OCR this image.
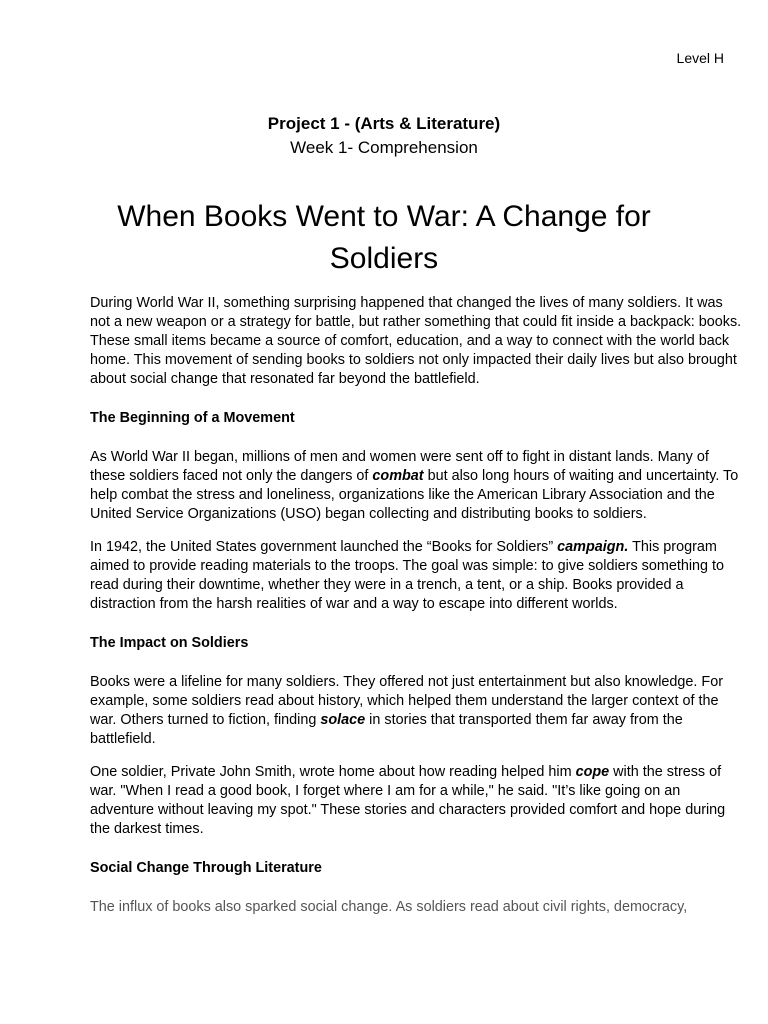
Level H
Project 1 - (Arts & Literature)
Week 1- Comprehension
When Books Went to War: A Change for Soldiers

During World War II, something surprising happened that changed the lives of many soldiers. It was not a new weapon or a strategy for battle, but rather something that could fit inside a backpack: books. These small items became a source of comfort, education, and a way to connect with the world back home. This movement of sending books to soldiers not only impacted their daily lives but also brought about social change that resonated far beyond the battlefield.

The Beginning of a Movement

As World War II began, millions of men and women were sent off to fight in distant lands. Many of these soldiers faced not only the dangers of combat but also long hours of waiting and uncertainty. To help combat the stress and loneliness, organizations like the American Library Association and the United Service Organizations (USO) began collecting and distributing books to soldiers.

In 1942, the United States government launched the “Books for Soldiers” campaign. This program aimed to provide reading materials to the troops. The goal was simple: to give soldiers something to read during their downtime, whether they were in a trench, a tent, or a ship. Books provided a distraction from the harsh realities of war and a way to escape into different worlds.

The Impact on Soldiers

Books were a lifeline for many soldiers. They offered not just entertainment but also knowledge. For example, some soldiers read about history, which helped them understand the larger context of the war. Others turned to fiction, finding solace in stories that transported them far away from the battlefield.

One soldier, Private John Smith, wrote home about how reading helped him cope with the stress of war. "When I read a good book, I forget where I am for a while," he said. "It’s like going on an adventure without leaving my spot." These stories and characters provided comfort and hope during the darkest times.

Social Change Through Literature

The influx of books also sparked social change. As soldiers read about civil rights, democracy,
